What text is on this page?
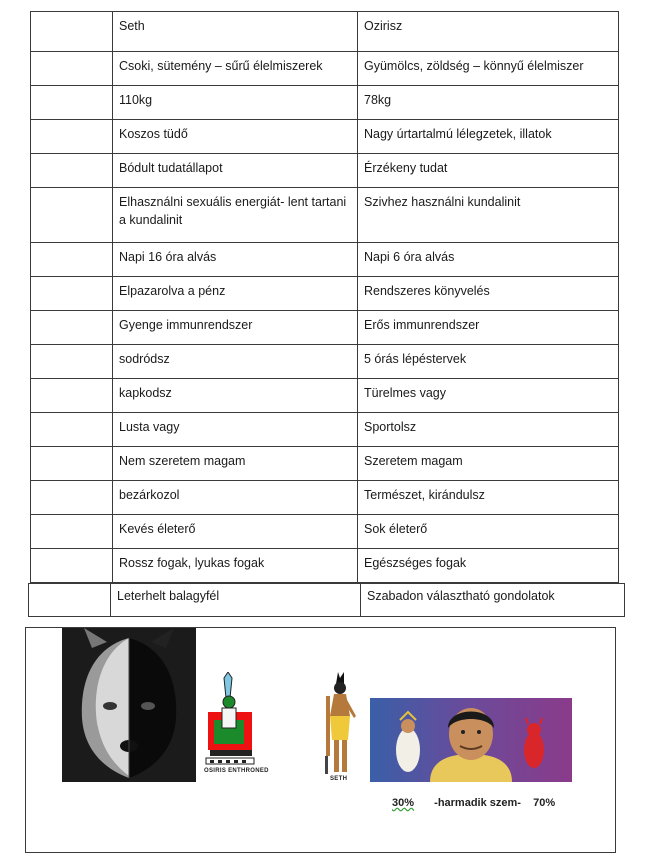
	Seth	Ozirisz
	Csoki, sütemény – sűrű élelmiszerek	Gyümölcs, zöldség – könnyű élelmiszer
	110kg	78kg
	Koszos tüdő	Nagy úrtartalmú lélegzetek, illatok
	Bódult tudatállapot	Érzékeny tudat
	Elhasználni sexuális energiát- lent tartani a kundalinit	Szivhez használni kundalinit
	Napi 16 óra alvás	Napi 6 óra alvás
	Elpazarolva a pénz	Rendszeres könyvelés
	Gyenge immunrendszer	Erős immunrendszer
	sodródsz	5 órás lépéstervek
	kapkodsz	Türelmes vagy
	Lusta vagy	Sportolsz
	Nem szeretem magam	Szeretem magam
	bezárkozol	Természet, kirándulsz
	Kevés életerő	Sok életerő
	Rossz fogak, lyukas fogak	Egészséges fogak
	Leterhelt balagyfél	Szabadon választható gondolatok
OSIRIS ENTHRONED
SETH
30% -harmadik szem- 70%
